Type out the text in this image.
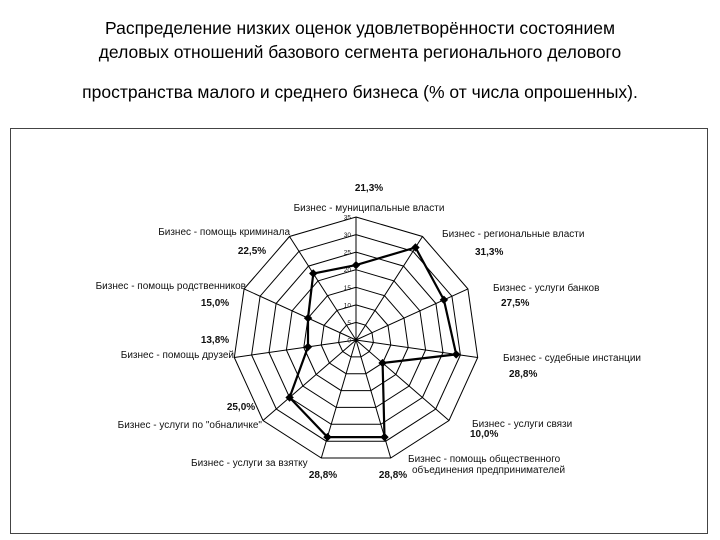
Распределение низких оценок удовлетворённости состоянием

деловых отношений базового сегмента регионального делового

пространства малого и среднего бизнеса (% от числа опрошенных).

0
5
10
15
20
25
30
35
Бизнес - муниципальные власти
21,3%
Бизнес - региональные власти
31,3%
Бизнес - услуги банков
27,5%
Бизнес - судебные инстанции
28,8%
Бизнес - услуги связи
10,0%
Бизнес - помощь общественного
объединения предпринимателей
28,8%
Бизнес - услуги за взятку
28,8%
Бизнес - услуги по "обналичке"
25,0%
Бизнес - помощь друзей
13,8%
Бизнес - помощь родственников
15,0%
Бизнес - помощь криминала
22,5%
